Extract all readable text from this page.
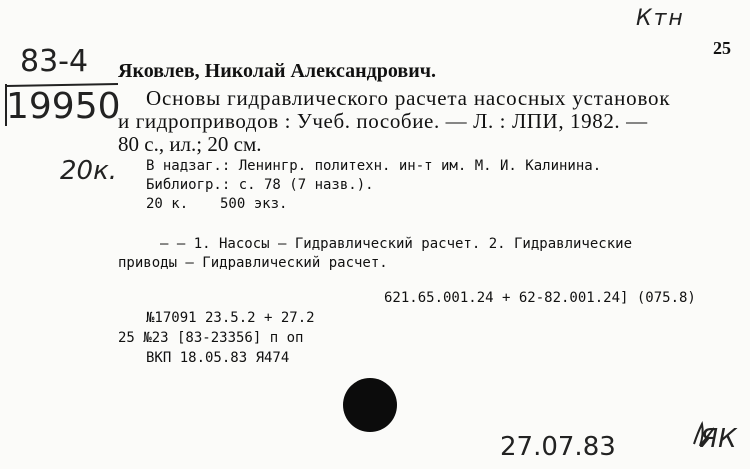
Ктн
25
83-4
19950
Яковлев, Николай Александрович.
Основы гидравлического расчета насосных установок
и гидроприводов : Учеб. пособие. — Л. : ЛПИ, 1982. —
80 с., ил.; 20 см.
20к. В надзаг.: Ленингр. политехн. ин-т им. М. И. Калинина.
Библиогр.: с. 78 (7 назв.).
20 к. 500 экз.
— — 1. Насосы — Гидравлический расчет. 2. Гидравлические
приводы — Гидравлический расчет.
621.65.001.24 + 62-82.001.24] (075.8)
№17091 23.5.2 + 27.2
25 №23 [83-23356] п оп
ВКП 18.05.83 Я474
27.07.83	ЯК
